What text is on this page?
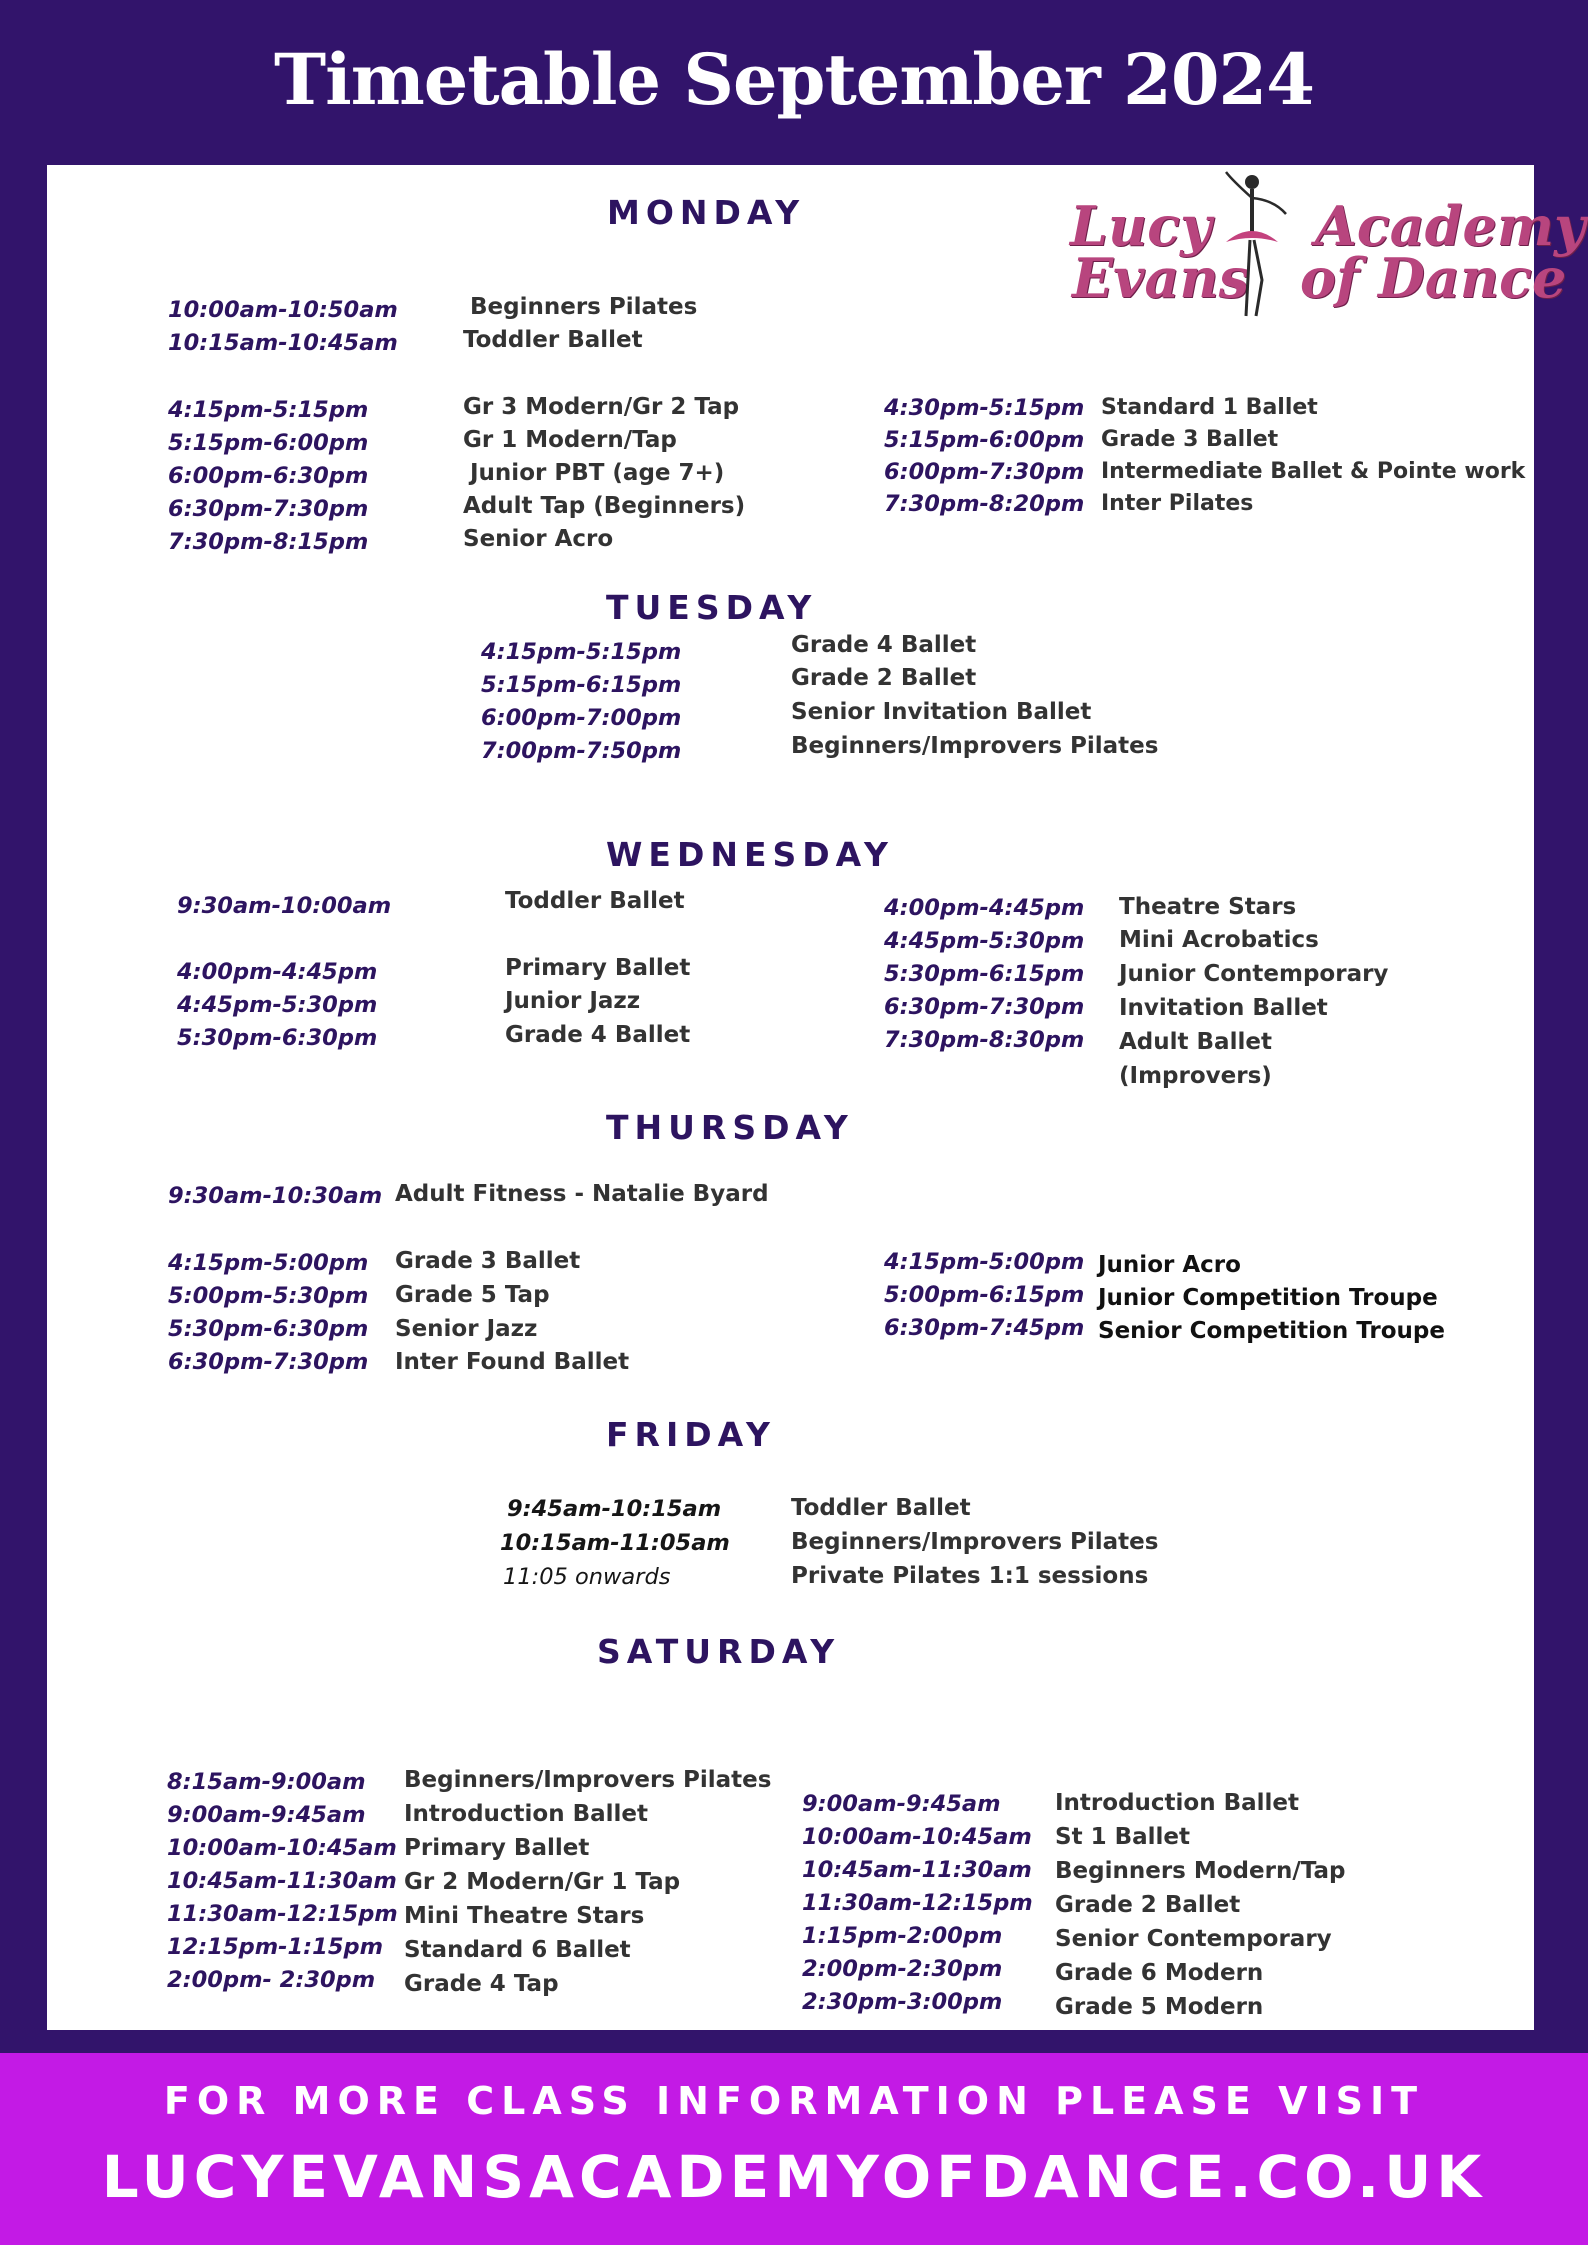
Timetable September 2024
Lucy
Evans
Academy
of Dance
MONDAY
10:00am-10:50am	Beginners Pilates
10:15am-10:45am	Toddler Ballet
4:15pm-5:15pm	Gr 3 Modern/Gr 2 Tap
5:15pm-6:00pm	Gr 1 Modern/Tap
6:00pm-6:30pm	Junior PBT (age 7+)
6:30pm-7:30pm	Adult Tap (Beginners)
7:30pm-8:15pm	Senior Acro
4:30pm-5:15pm Standard 1 Ballet
5:15pm-6:00pm Grade 3 Ballet
6:00pm-7:30pm Intermediate Ballet & Pointe work
7:30pm-8:20pm Inter Pilates
TUESDAY
4:15pm-5:15pm	Grade 4 Ballet
5:15pm-6:15pm	Grade 2 Ballet
6:00pm-7:00pm	Senior Invitation Ballet
7:00pm-7:50pm	Beginners/Improvers Pilates
WEDNESDAY
9:30am-10:00am	Toddler Ballet
4:00pm-4:45pm	Primary Ballet
4:45pm-5:30pm	Junior Jazz
5:30pm-6:30pm	Grade 4 Ballet
4:00pm-4:45pm Theatre Stars
4:45pm-5:30pm Mini Acrobatics
5:30pm-6:15pm Junior Contemporary
6:30pm-7:30pm Invitation Ballet
7:30pm-8:30pm Adult Ballet
(Improvers)
THURSDAY
9:30am-10:30am Adult Fitness - Natalie Byard
4:15pm-5:00pm Grade 3 Ballet
5:00pm-5:30pm Grade 5 Tap
5:30pm-6:30pm Senior Jazz
6:30pm-7:30pm Inter Found Ballet
4:15pm-5:00pm Junior Acro
5:00pm-6:15pm Junior Competition Troupe
6:30pm-7:45pm Senior Competition Troupe
FRIDAY
9:45am-10:15am	Toddler Ballet
10:15am-11:05am	Beginners/Improvers Pilates
11:05 onwards	Private Pilates 1:1 sessions
SATURDAY
8:15am-9:00am Beginners/Improvers Pilates
9:00am-9:45am Introduction Ballet
10:00am-10:45am Primary Ballet
10:45am-11:30am Gr 2 Modern/Gr 1 Tap
11:30am-12:15pm Mini Theatre Stars
12:15pm-1:15pm Standard 6 Ballet
2:00pm- 2:30pm Grade 4 Tap
9:00am-9:45am Introduction Ballet
10:00am-10:45am St 1 Ballet
10:45am-11:30am Beginners Modern/Tap
11:30am-12:15pm Grade 2 Ballet
1:15pm-2:00pm Senior Contemporary
2:00pm-2:30pm Grade 6 Modern
2:30pm-3:00pm Grade 5 Modern

FOR MORE CLASS INFORMATION PLEASE VISIT

LUCYEVANSACADEMYOFDANCE.CO.UK
